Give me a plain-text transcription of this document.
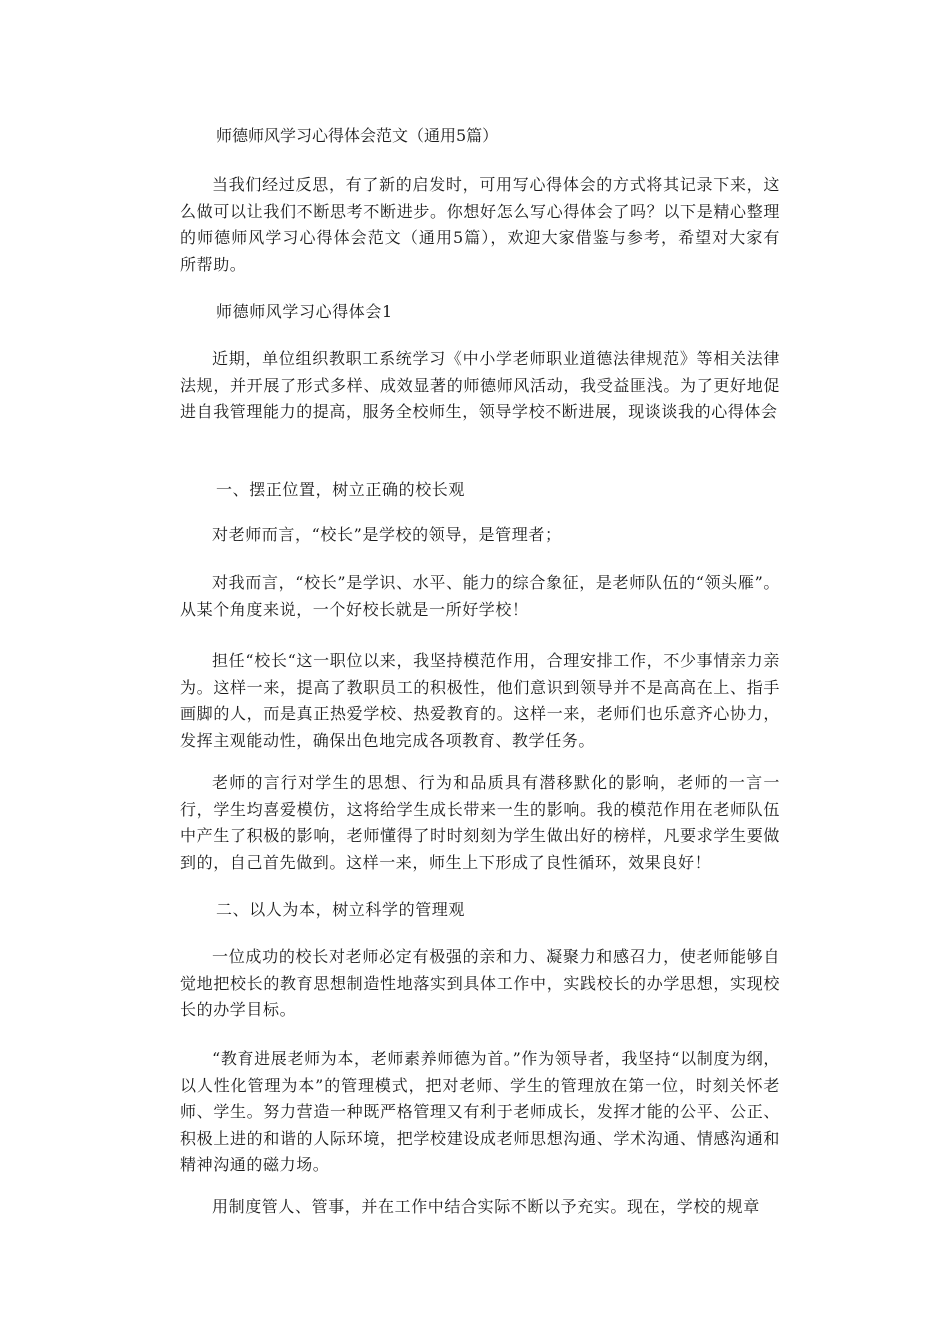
师德师风学习心得体会范文（通用5篇）
当我们经过反思，有了新的启发时，可用写心得体会的方式将其记录下来，这么做可以让我们不断思考不断进步。你想好怎么写心得体会了吗？以下是精心整理的师德师风学习心得体会范文（通用5篇），欢迎大家借鉴与参考，希望对大家有所帮助。
师德师风学习心得体会1
近期，单位组织教职工系统学习《中小学老师职业道德法律规范》等相关法律法规，并开展了形式多样、成效显著的师德师风活动，我受益匪浅。为了更好地促进自我管理能力的提高，服务全校师生，领导学校不断进展，现谈谈我的心得体会
一、摆正位置，树立正确的校长观
对老师而言，“校长”是学校的领导，是管理者；
对我而言，“校长”是学识、水平、能力的综合象征，是老师队伍的“领头雁”。从某个角度来说，一个好校长就是一所好学校！
担任“校长“这一职位以来，我坚持模范作用，合理安排工作，不少事情亲力亲为。这样一来，提高了教职员工的积极性，他们意识到领导并不是高高在上、指手画脚的人，而是真正热爱学校、热爱教育的。这样一来，老师们也乐意齐心协力，发挥主观能动性，确保出色地完成各项教育、教学任务。
老师的言行对学生的思想、行为和品质具有潜移默化的影响，老师的一言一行，学生均喜爱模仿，这将给学生成长带来一生的影响。我的模范作用在老师队伍中产生了积极的影响，老师懂得了时时刻刻为学生做出好的榜样，凡要求学生要做到的，自己首先做到。这样一来，师生上下形成了良性循环，效果良好！
二、以人为本，树立科学的管理观
一位成功的校长对老师必定有极强的亲和力、凝聚力和感召力，使老师能够自觉地把校长的教育思想制造性地落实到具体工作中，实践校长的办学思想，实现校长的办学目标。
“教育进展老师为本，老师素养师德为首。”作为领导者，我坚持“以制度为纲，以人性化管理为本”的管理模式，把对老师、学生的管理放在第一位，时刻关怀老师、学生。努力营造一种既严格管理又有利于老师成长，发挥才能的公平、公正、积极上进的和谐的人际环境，把学校建设成老师思想沟通、学术沟通、情感沟通和精神沟通的磁力场。
用制度管人、管事，并在工作中结合实际不断以予充实。现在，学校的规章
